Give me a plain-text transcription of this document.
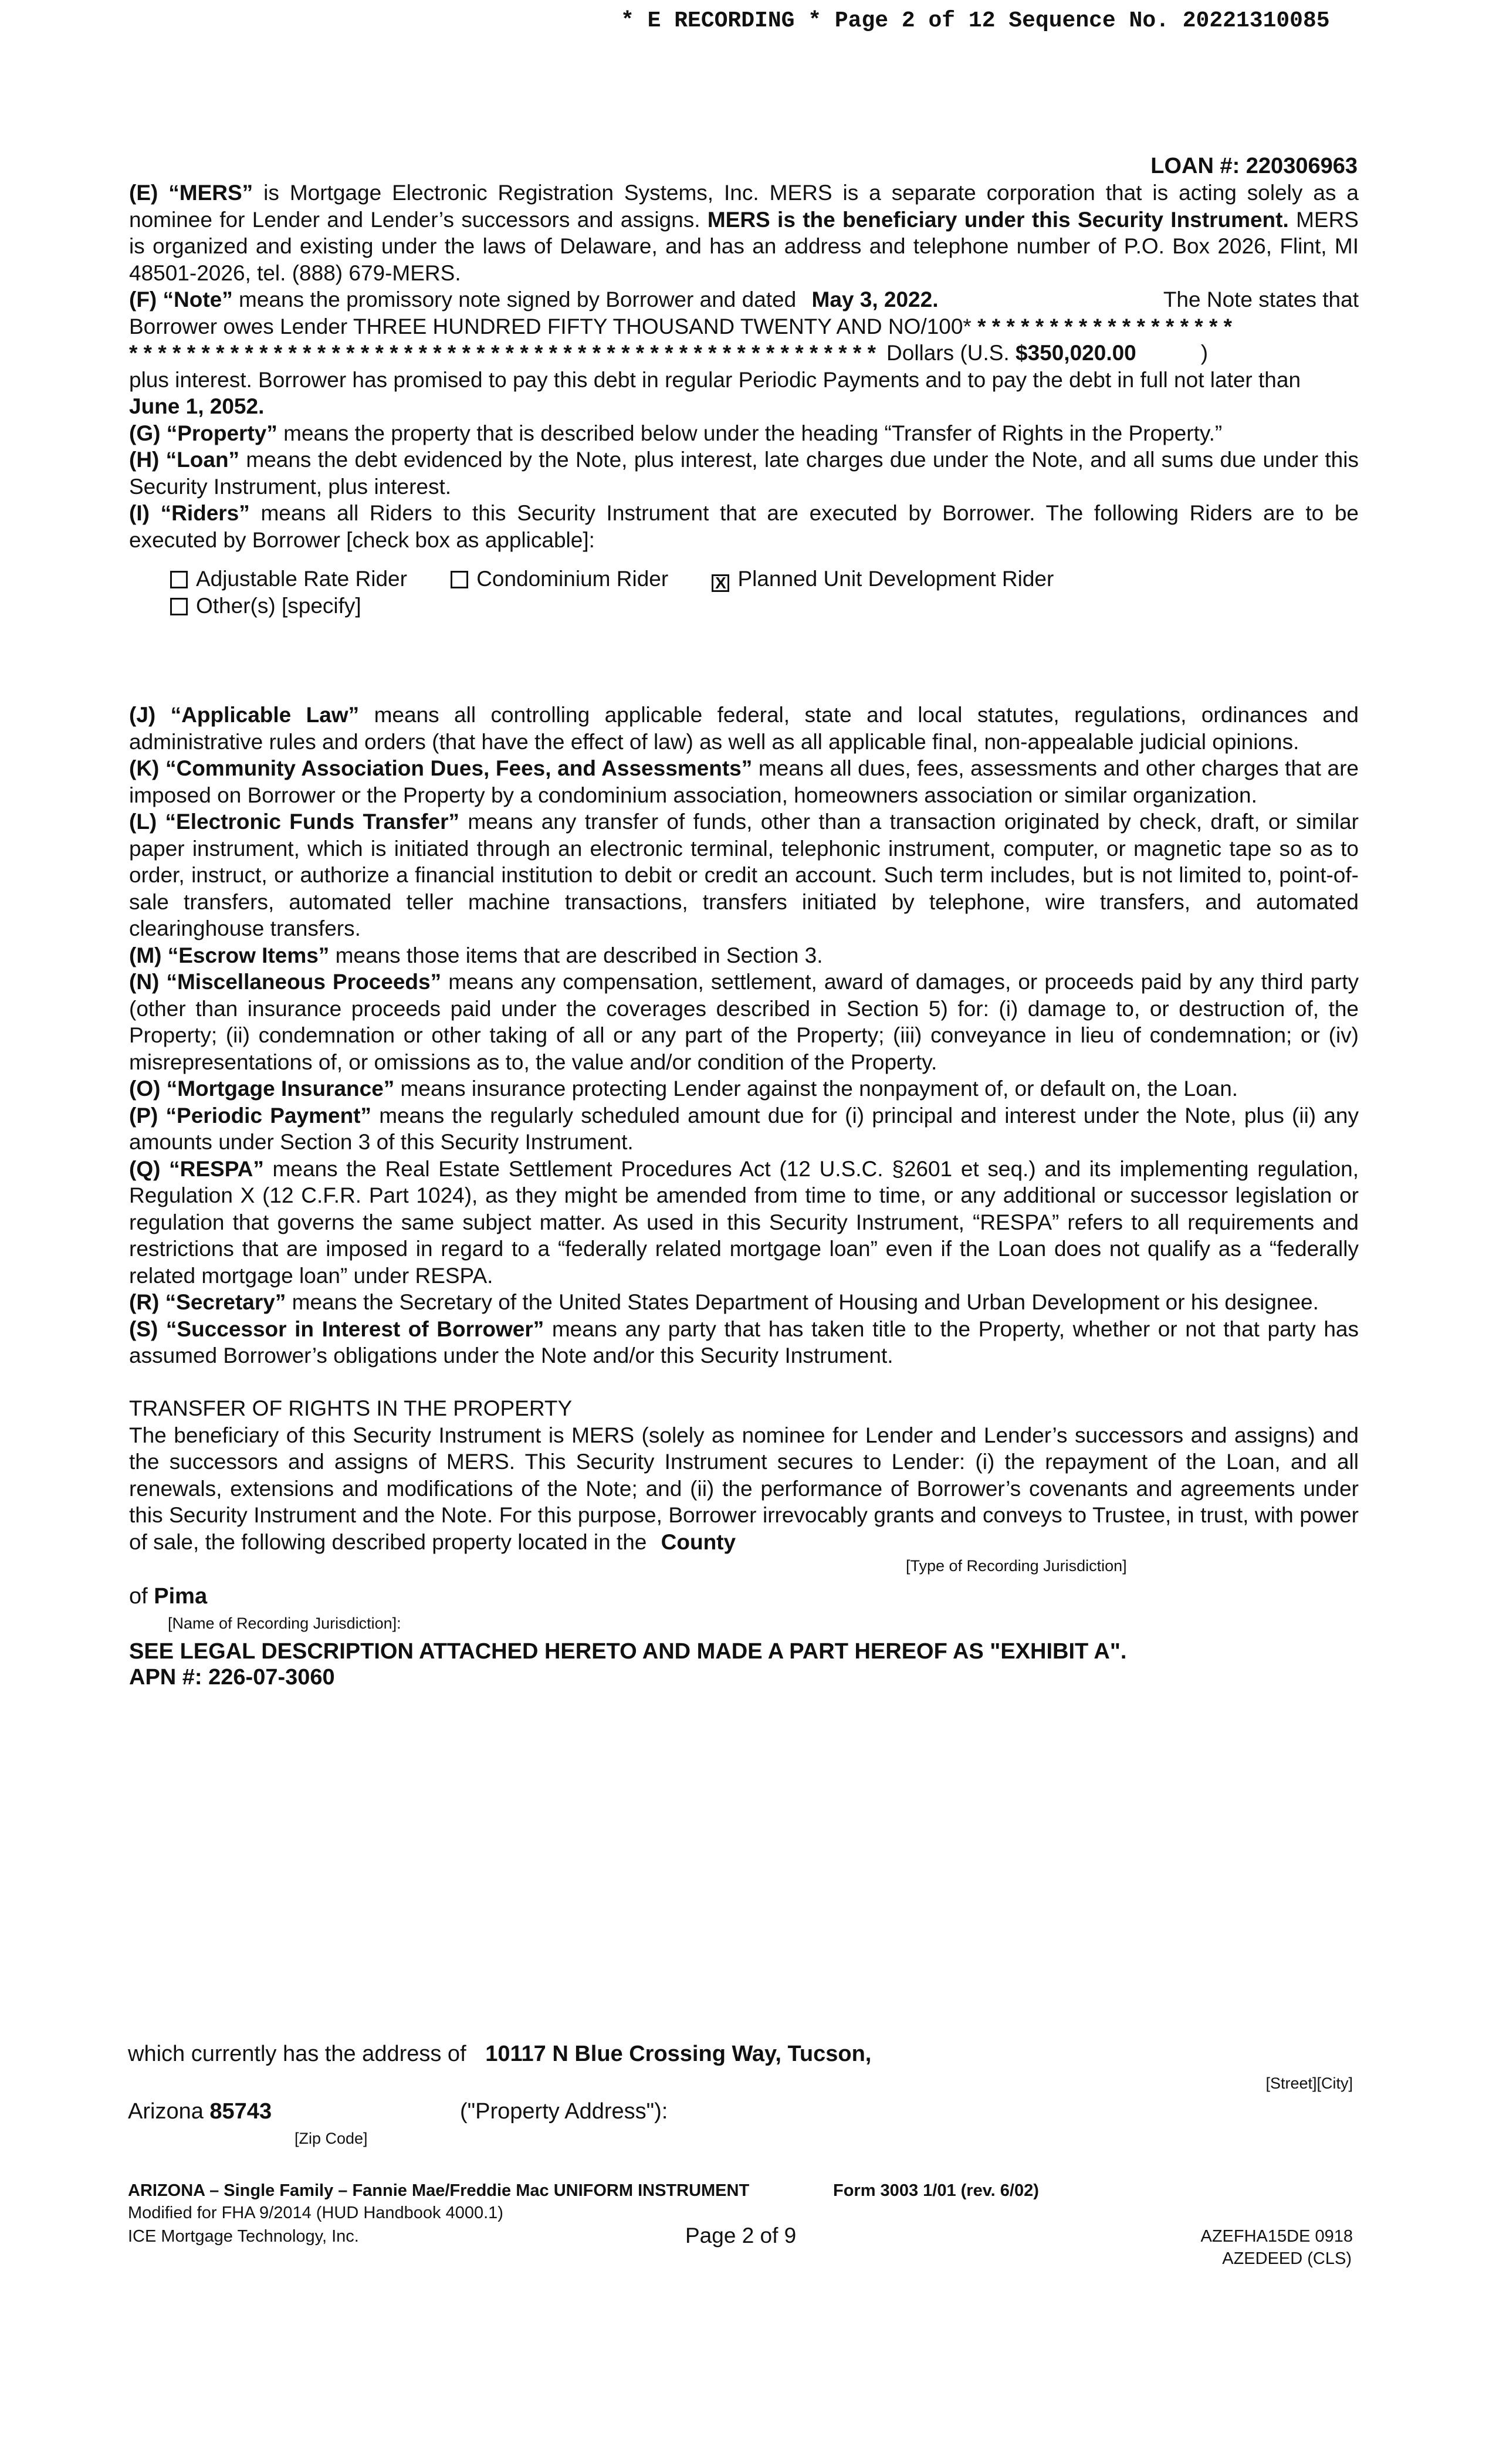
* E RECORDING * Page 2 of 12 Sequence No. 20221310085
LOAN #: 220306963

(E) “MERS” is Mortgage Electronic Registration Systems, Inc. MERS is a separate corporation that is acting solely as a nominee for Lender and Lender’s successors and assigns. MERS is the beneficiary under this Security Instrument. MERS is organized and existing under the laws of Delaware, and has an address and telephone number of P.O. Box 2026, Flint, MI 48501-2026, tel. (888) 679-MERS.

(F) “Note” means the promissory note signed by Borrower and dated May 3, 2022.	The Note states that

Borrower owes Lender THREE HUNDRED FIFTY THOUSAND TWENTY AND NO/100* * * * * * * * * * * * * * * * * * *

* * * * * * * * * * * * * * * * * * * * * * * * * * * * * * * * * * * * * * * * * * * * * * * * * * * * Dollars (U.S. $350,020.00	)

plus interest. Borrower has promised to pay this debt in regular Periodic Payments and to pay the debt in full not later than

June 1, 2052.

(G) “Property” means the property that is described below under the heading “Transfer of Rights in the Property.”

(H) “Loan” means the debt evidenced by the Note, plus interest, late charges due under the Note, and all sums due under this Security Instrument, plus interest.

(I) “Riders” means all Riders to this Security Instrument that are executed by Borrower. The following Riders are to be executed by Borrower [check box as applicable]:

Adjustable Rate Rider	Condominium Rider	X Planned Unit Development Rider
Other(s) [specify]

(J) “Applicable Law” means all controlling applicable federal, state and local statutes, regulations, ordinances and administrative rules and orders (that have the effect of law) as well as all applicable final, non-appealable judicial opinions.

(K) “Community Association Dues, Fees, and Assessments” means all dues, fees, assessments and other charges that are imposed on Borrower or the Property by a condominium association, homeowners association or similar organization.

(L) “Electronic Funds Transfer” means any transfer of funds, other than a transaction originated by check, draft, or similar paper instrument, which is initiated through an electronic terminal, telephonic instrument, computer, or magnetic tape so as to order, instruct, or authorize a financial institution to debit or credit an account. Such term includes, but is not limited to, point-of-sale transfers, automated teller machine transactions, transfers initiated by telephone, wire transfers, and automated clearinghouse transfers.

(M) “Escrow Items” means those items that are described in Section 3.

(N) “Miscellaneous Proceeds” means any compensation, settlement, award of damages, or proceeds paid by any third party (other than insurance proceeds paid under the coverages described in Section 5) for: (i) damage to, or destruction of, the Property; (ii) condemnation or other taking of all or any part of the Property; (iii) conveyance in lieu of condemnation; or (iv) misrepresentations of, or omissions as to, the value and/or condition of the Property.

(O) “Mortgage Insurance” means insurance protecting Lender against the nonpayment of, or default on, the Loan.

(P) “Periodic Payment” means the regularly scheduled amount due for (i) principal and interest under the Note, plus (ii) any amounts under Section 3 of this Security Instrument.

(Q) “RESPA” means the Real Estate Settlement Procedures Act (12 U.S.C. §2601 et seq.) and its implementing regulation, Regulation X (12 C.F.R. Part 1024), as they might be amended from time to time, or any additional or successor legislation or regulation that governs the same subject matter. As used in this Security Instrument, “RESPA” refers to all requirements and restrictions that are imposed in regard to a “federally related mortgage loan” even if the Loan does not qualify as a “federally related mortgage loan” under RESPA.

(R) “Secretary” means the Secretary of the United States Department of Housing and Urban Development or his designee.

(S) “Successor in Interest of Borrower” means any party that has taken title to the Property, whether or not that party has assumed Borrower’s obligations under the Note and/or this Security Instrument.

TRANSFER OF RIGHTS IN THE PROPERTY

The beneficiary of this Security Instrument is MERS (solely as nominee for Lender and Lender’s successors and assigns) and the successors and assigns of MERS. This Security Instrument secures to Lender: (i) the repayment of the Loan, and all renewals, extensions and modifications of the Note; and (ii) the performance of Borrower’s covenants and agreements under this Security Instrument and the Note. For this purpose, Borrower irrevocably grants and conveys to Trustee, in trust, with power of sale, the following described property located in the County

[Type of Recording Jurisdiction]
of Pima
[Name of Recording Jurisdiction]:
SEE LEGAL DESCRIPTION ATTACHED HERETO AND MADE A PART HEREOF AS "EXHIBIT A".
APN #: 226-07-3060
which currently has the address of 10117 N Blue Crossing Way, Tucson,
[Street][City]
Arizona 85743	("Property Address"):
[Zip Code]
ARIZONA – Single Family – Fannie Mae/Freddie Mac UNIFORM INSTRUMENT	Form 3003 1/01 (rev. 6/02)
Modified for FHA 9/2014 (HUD Handbook 4000.1)
ICE Mortgage Technology, Inc.	Page 2 of 9	AZEFHA15DE 0918
AZEDEED (CLS)
